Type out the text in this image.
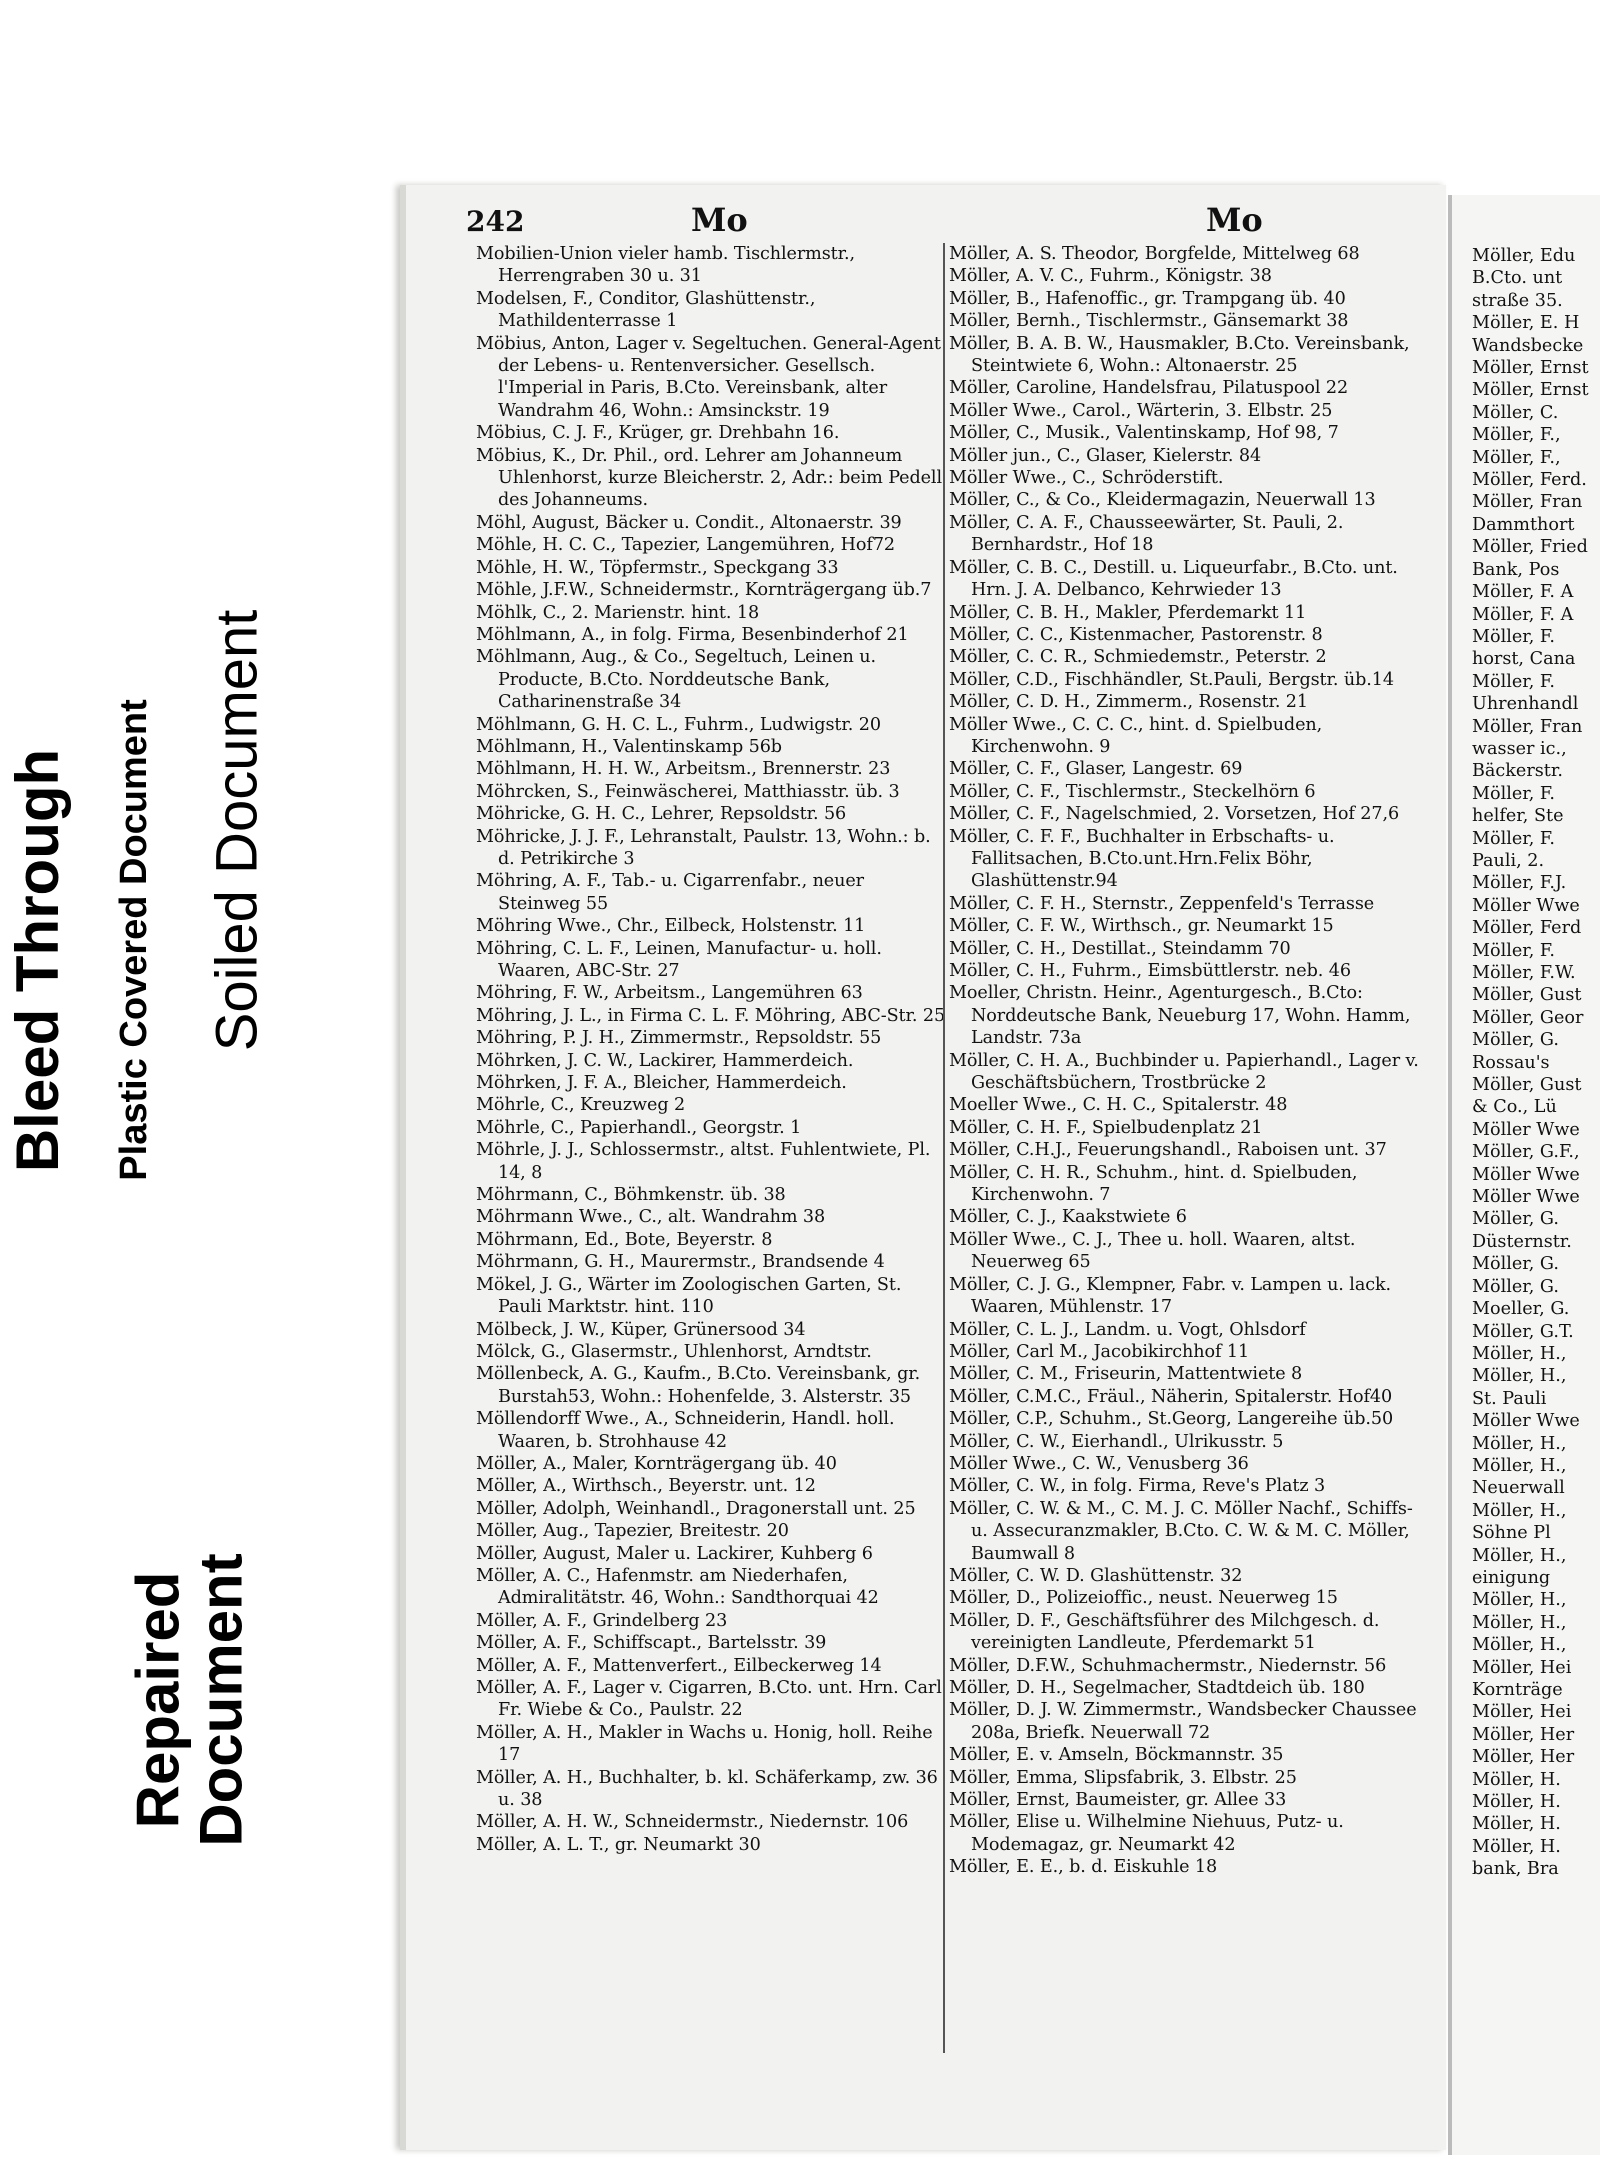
Bleed Through Plastic Covered Document Soiled Document
Repaired
Document
242	Mo	Mo

Mobilien-Union vieler hamb. Tischlermstr., Herrengraben 30 u. 31

Modelsen, F., Conditor, Glashüttenstr., Mathildenterrasse 1

Möbius, Anton, Lager v. Segeltuchen. General-Agent der Lebens- u. Rentenversicher. Gesellsch. l'Imperial in Paris, B.Cto. Vereinsbank, alter Wandrahm 46, Wohn.: Amsinckstr. 19

Möbius, C. J. F., Krüger, gr. Drehbahn 16.

Möbius, K., Dr. Phil., ord. Lehrer am Johanneum Uhlenhorst, kurze Bleicherstr. 2, Adr.: beim Pedell des Johanneums.

Möhl, August, Bäcker u. Condit., Altonaerstr. 39

Möhle, H. C. C., Tapezier, Langemühren, Hof72

Möhle, H. W., Töpfermstr., Speckgang 33

Möhle, J.F.W., Schneidermstr., Kornträgergang üb.7

Möhlk, C., 2. Marienstr. hint. 18

Möhlmann, A., in folg. Firma, Besenbinderhof 21

Möhlmann, Aug., & Co., Segeltuch, Leinen u. Producte, B.Cto. Norddeutsche Bank, Catharinenstraße 34

Möhlmann, G. H. C. L., Fuhrm., Ludwigstr. 20

Möhlmann, H., Valentinskamp 56b

Möhlmann, H. H. W., Arbeitsm., Brennerstr. 23

Möhrcken, S., Feinwäscherei, Matthiasstr. üb. 3

Möhricke, G. H. C., Lehrer, Repsoldstr. 56

Möhricke, J. J. F., Lehranstalt, Paulstr. 13, Wohn.: b. d. Petrikirche 3

Möhring, A. F., Tab.- u. Cigarrenfabr., neuer Steinweg 55

Möhring Wwe., Chr., Eilbeck, Holstenstr. 11

Möhring, C. L. F., Leinen, Manufactur- u. holl. Waaren, ABC-Str. 27

Möhring, F. W., Arbeitsm., Langemühren 63

Möhring, J. L., in Firma C. L. F. Möhring, ABC-Str. 25

Möhring, P. J. H., Zimmermstr., Repsoldstr. 55

Möhrken, J. C. W., Lackirer, Hammerdeich.

Möhrken, J. F. A., Bleicher, Hammerdeich.

Möhrle, C., Kreuzweg 2

Möhrle, C., Papierhandl., Georgstr. 1

Möhrle, J. J., Schlossermstr., altst. Fuhlentwiete, Pl. 14, 8

Möhrmann, C., Böhmkenstr. üb. 38

Möhrmann Wwe., C., alt. Wandrahm 38

Möhrmann, Ed., Bote, Beyerstr. 8

Möhrmann, G. H., Maurermstr., Brandsende 4

Mökel, J. G., Wärter im Zoologischen Garten, St. Pauli Marktstr. hint. 110

Mölbeck, J. W., Küper, Grünersood 34

Mölck, G., Glasermstr., Uhlenhorst, Arndtstr.

Möllenbeck, A. G., Kaufm., B.Cto. Vereinsbank, gr. Burstah53, Wohn.: Hohenfelde, 3. Alsterstr. 35

Möllendorff Wwe., A., Schneiderin, Handl. holl. Waaren, b. Strohhause 42

Möller, A., Maler, Kornträgergang üb. 40

Möller, A., Wirthsch., Beyerstr. unt. 12

Möller, Adolph, Weinhandl., Dragonerstall unt. 25

Möller, Aug., Tapezier, Breitestr. 20

Möller, August, Maler u. Lackirer, Kuhberg 6

Möller, A. C., Hafenmstr. am Niederhafen, Admiralitätstr. 46, Wohn.: Sandthorquai 42

Möller, A. F., Grindelberg 23

Möller, A. F., Schiffscapt., Bartelsstr. 39

Möller, A. F., Mattenverfert., Eilbeckerweg 14

Möller, A. F., Lager v. Cigarren, B.Cto. unt. Hrn. Carl Fr. Wiebe & Co., Paulstr. 22

Möller, A. H., Makler in Wachs u. Honig, holl. Reihe 17

Möller, A. H., Buchhalter, b. kl. Schäferkamp, zw. 36 u. 38

Möller, A. H. W., Schneidermstr., Niedernstr. 106

Möller, A. L. T., gr. Neumarkt 30

Möller, A. S. Theodor, Borgfelde, Mittelweg 68

Möller, A. V. C., Fuhrm., Königstr. 38

Möller, B., Hafenoffic., gr. Trampgang üb. 40

Möller, Bernh., Tischlermstr., Gänsemarkt 38

Möller, B. A. B. W., Hausmakler, B.Cto. Vereinsbank, Steintwiete 6, Wohn.: Altonaerstr. 25

Möller, Caroline, Handelsfrau, Pilatuspool 22

Möller Wwe., Carol., Wärterin, 3. Elbstr. 25

Möller, C., Musik., Valentinskamp, Hof 98, 7

Möller jun., C., Glaser, Kielerstr. 84

Möller Wwe., C., Schröderstift.

Möller, C., & Co., Kleidermagazin, Neuerwall 13

Möller, C. A. F., Chausseewärter, St. Pauli, 2. Bernhardstr., Hof 18

Möller, C. B. C., Destill. u. Liqueurfabr., B.Cto. unt. Hrn. J. A. Delbanco, Kehrwieder 13

Möller, C. B. H., Makler, Pferdemarkt 11

Möller, C. C., Kistenmacher, Pastorenstr. 8

Möller, C. C. R., Schmiedemstr., Peterstr. 2

Möller, C.D., Fischhändler, St.Pauli, Bergstr. üb.14

Möller, C. D. H., Zimmerm., Rosenstr. 21

Möller Wwe., C. C. C., hint. d. Spielbuden, Kirchenwohn. 9

Möller, C. F., Glaser, Langestr. 69

Möller, C. F., Tischlermstr., Steckelhörn 6

Möller, C. F., Nagelschmied, 2. Vorsetzen, Hof 27,6

Möller, C. F. F., Buchhalter in Erbschafts- u. Fallitsachen, B.Cto.unt.Hrn.Felix Böhr, Glashüttenstr.94

Möller, C. F. H., Sternstr., Zeppenfeld's Terrasse

Möller, C. F. W., Wirthsch., gr. Neumarkt 15

Möller, C. H., Destillat., Steindamm 70

Möller, C. H., Fuhrm., Eimsbüttlerstr. neb. 46

Moeller, Christn. Heinr., Agenturgesch., B.Cto: Norddeutsche Bank, Neueburg 17, Wohn. Hamm, Landstr. 73a

Möller, C. H. A., Buchbinder u. Papierhandl., Lager v. Geschäftsbüchern, Trostbrücke 2

Moeller Wwe., C. H. C., Spitalerstr. 48

Möller, C. H. F., Spielbudenplatz 21

Möller, C.H.J., Feuerungshandl., Raboisen unt. 37

Möller, C. H. R., Schuhm., hint. d. Spielbuden, Kirchenwohn. 7

Möller, C. J., Kaakstwiete 6

Möller Wwe., C. J., Thee u. holl. Waaren, altst. Neuerweg 65

Möller, C. J. G., Klempner, Fabr. v. Lampen u. lack. Waaren, Mühlenstr. 17

Möller, C. L. J., Landm. u. Vogt, Ohlsdorf

Möller, Carl M., Jacobikirchhof 11

Möller, C. M., Friseurin, Mattentwiete 8

Möller, C.M.C., Fräul., Näherin, Spitalerstr. Hof40

Möller, C.P., Schuhm., St.Georg, Langereihe üb.50

Möller, C. W., Eierhandl., Ulrikusstr. 5

Möller Wwe., C. W., Venusberg 36

Möller, C. W., in folg. Firma, Reve's Platz 3

Möller, C. W. & M., C. M. J. C. Möller Nachf., Schiffs- u. Assecuranzmakler, B.Cto. C. W. & M. C. Möller, Baumwall 8

Möller, C. W. D. Glashüttenstr. 32

Möller, D., Polizeioffic., neust. Neuerweg 15

Möller, D. F., Geschäftsführer des Milchgesch. d. vereinigten Landleute, Pferdemarkt 51

Möller, D.F.W., Schuhmachermstr., Niedernstr. 56

Möller, D. H., Segelmacher, Stadtdeich üb. 180

Möller, D. J. W. Zimmermstr., Wandsbecker Chaussee 208a, Briefk. Neuerwall 72

Möller, E. v. Amseln, Böckmannstr. 35

Möller, Emma, Slipsfabrik, 3. Elbstr. 25

Möller, Ernst, Baumeister, gr. Allee 33

Möller, Elise u. Wilhelmine Niehuus, Putz- u. Modemagaz, gr. Neumarkt 42

Möller, E. E., b. d. Eiskuhle 18

Möller, Edu

B.Cto. unt

straße 35.

Möller, E. H

Wandsbecke

Möller, Ernst

Möller, Ernst

Möller, C.

Möller, F.,

Möller, F.,

Möller, Ferd.

Möller, Fran

Dammthort

Möller, Fried

Bank, Pos

Möller, F. A

Möller, F. A

Möller, F.

horst, Cana

Möller, F.

Uhrenhandl

Möller, Fran

wasser ic.,

Bäckerstr.

Möller, F.

helfer, Ste

Möller, F.

Pauli, 2.

Möller, F.J.

Möller Wwe

Möller, Ferd

Möller, F.

Möller, F.W.

Möller, Gust

Möller, Geor

Möller, G.

Rossau's

Möller, Gust

& Co., Lü

Möller Wwe

Möller, G.F.,

Möller Wwe

Möller Wwe

Möller, G.

Düsternstr.

Möller, G.

Möller, G.

Moeller, G.

Möller, G.T.

Möller, H.,

Möller, H.,

St. Pauli

Möller Wwe

Möller, H.,

Möller, H.,

Neuerwall

Möller, H.,

Söhne Pl

Möller, H.,

einigung

Möller, H.,

Möller, H.,

Möller, H.,

Möller, Hei

Kornträge

Möller, Hei

Möller, Her

Möller, Her

Möller, H.

Möller, H.

Möller, H.

Möller, H.

bank, Bra
